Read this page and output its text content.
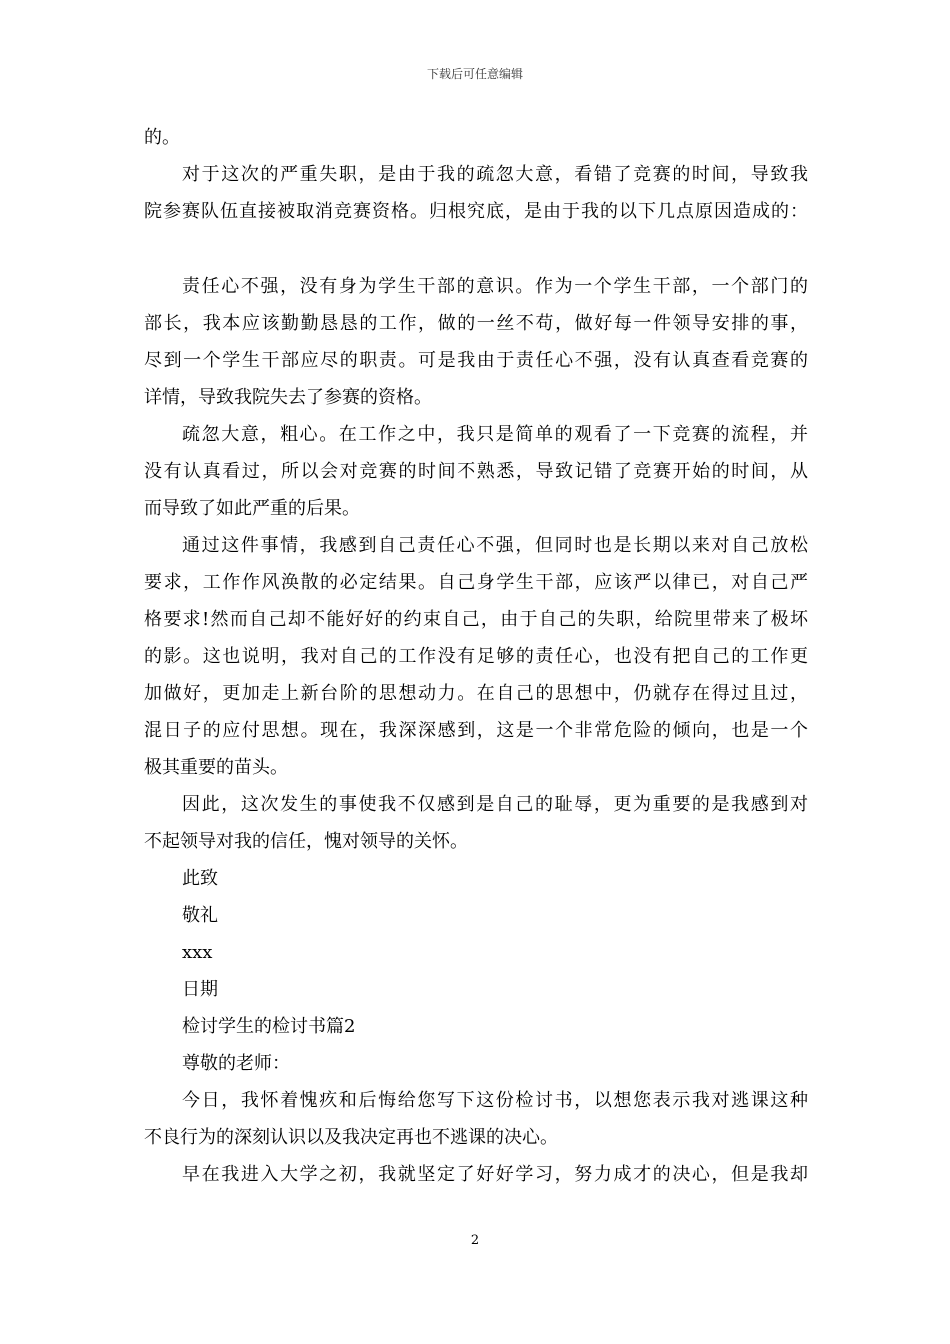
下载后可任意编辑
的。
对于这次的严重失职，是由于我的疏忽大意，看错了竞赛的时间，导致我
院参赛队伍直接被取消竞赛资格。归根究底，是由于我的以下几点原因造成的：
责任心不强，没有身为学生干部的意识。作为一个学生干部，一个部门的
部长，我本应该勤勤恳恳的工作，做的一丝不苟，做好每一件领导安排的事，
尽到一个学生干部应尽的职责。可是我由于责任心不强，没有认真查看竞赛的
详情，导致我院失去了参赛的资格。
疏忽大意，粗心。在工作之中，我只是简单的观看了一下竞赛的流程，并
没有认真看过，所以会对竞赛的时间不熟悉，导致记错了竞赛开始的时间，从
而导致了如此严重的后果。
通过这件事情，我感到自己责任心不强，但同时也是长期以来对自己放松
要求，工作作风涣散的必定结果。自己身学生干部，应该严以律已，对自己严
格要求!然而自己却不能好好的约束自己，由于自己的失职，给院里带来了极坏
的影。这也说明，我对自己的工作没有足够的责任心，也没有把自己的工作更
加做好，更加走上新台阶的思想动力。在自己的思想中，仍就存在得过且过，
混日子的应付思想。现在，我深深感到，这是一个非常危险的倾向，也是一个
极其重要的苗头。
因此，这次发生的事使我不仅感到是自己的耻辱，更为重要的是我感到对
不起领导对我的信任，愧对领导的关怀。
此致
敬礼
xxx
日期
检讨学生的检讨书篇2
尊敬的老师：
今日，我怀着愧疚和后悔给您写下这份检讨书，以想您表示我对逃课这种
不良行为的深刻认识以及我决定再也不逃课的决心。
早在我进入大学之初，我就坚定了好好学习，努力成才的决心，但是我却
2
